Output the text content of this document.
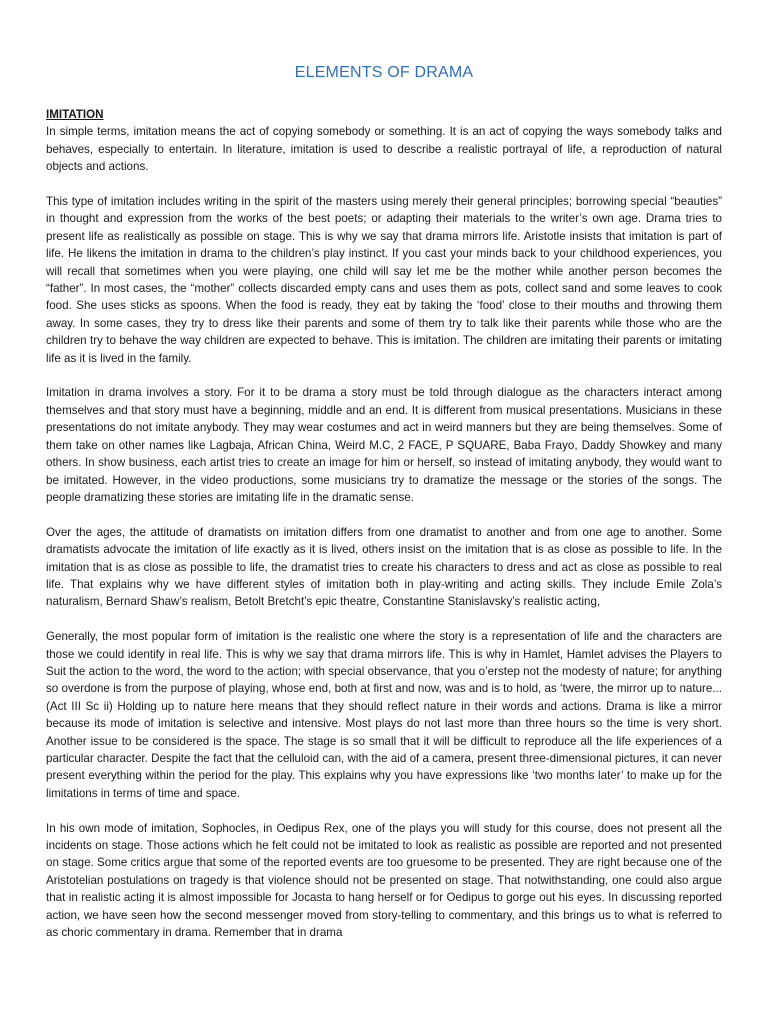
ELEMENTS OF DRAMA
IMITATION

In simple terms, imitation means the act of copying somebody or something. It is an act of copying the ways somebody talks and behaves, especially to entertain. In literature, imitation is used to describe a realistic portrayal of life, a reproduction of natural objects and actions.

This type of imitation includes writing in the spirit of the masters using merely their general principles; borrowing special “beauties” in thought and expression from the works of the best poets; or adapting their materials to the writer’s own age. Drama tries to present life as realistically as possible on stage. This is why we say that drama mirrors life. Aristotle insists that imitation is part of life. He likens the imitation in drama to the children’s play instinct. If you cast your minds back to your childhood experiences, you will recall that sometimes when you were playing, one child will say let me be the mother while another person becomes the “father”. In most cases, the “mother” collects discarded empty cans and uses them as pots, collect sand and some leaves to cook food. She uses sticks as spoons. When the food is ready, they eat by taking the ‘food’ close to their mouths and throwing them away. In some cases, they try to dress like their parents and some of them try to talk like their parents while those who are the children try to behave the way children are expected to behave. This is imitation. The children are imitating their parents or imitating life as it is lived in the family.

Imitation in drama involves a story. For it to be drama a story must be told through dialogue as the characters interact among themselves and that story must have a beginning, middle and an end. It is different from musical presentations. Musicians in these presentations do not imitate anybody. They may wear costumes and act in weird manners but they are being themselves. Some of them take on other names like Lagbaja, African China, Weird M.C, 2 FACE, P SQUARE, Baba Frayo, Daddy Showkey and many others. In show business, each artist tries to create an image for him or herself, so instead of imitating anybody, they would want to be imitated. However, in the video productions, some musicians try to dramatize the message or the stories of the songs. The people dramatizing these stories are imitating life in the dramatic sense.

Over the ages, the attitude of dramatists on imitation differs from one dramatist to another and from one age to another. Some dramatists advocate the imitation of life exactly as it is lived, others insist on the imitation that is as close as possible to life. In the imitation that is as close as possible to life, the dramatist tries to create his characters to dress and act as close as possible to real life. That explains why we have different styles of imitation both in play-writing and acting skills. They include Emile Zola’s naturalism, Bernard Shaw’s realism, Betolt Bretcht’s epic theatre, Constantine Stanislavsky’s realistic acting,

Generally, the most popular form of imitation is the realistic one where the story is a representation of life and the characters are those we could identify in real life. This is why we say that drama mirrors life. This is why in Hamlet, Hamlet advises the Players to Suit the action to the word, the word to the action; with special observance, that you o’erstep not the modesty of nature; for anything so overdone is from the purpose of playing, whose end, both at first and now, was and is to hold, as ‘twere, the mirror up to nature...(Act III Sc ii) Holding up to nature here means that they should reflect nature in their words and actions. Drama is like a mirror because its mode of imitation is selective and intensive. Most plays do not last more than three hours so the time is very short. Another issue to be considered is the space. The stage is so small that it will be difficult to reproduce all the life experiences of a particular character. Despite the fact that the celluloid can, with the aid of a camera, present three-dimensional pictures, it can never present everything within the period for the play. This explains why you have expressions like ‘two months later’ to make up for the limitations in terms of time and space.

In his own mode of imitation, Sophocles, in Oedipus Rex, one of the plays you will study for this course, does not present all the incidents on stage. Those actions which he felt could not be imitated to look as realistic as possible are reported and not presented on stage. Some critics argue that some of the reported events are too gruesome to be presented. They are right because one of the Aristotelian postulations on tragedy is that violence should not be presented on stage. That notwithstanding, one could also argue that in realistic acting it is almost impossible for Jocasta to hang herself or for Oedipus to gorge out his eyes. In discussing reported action, we have seen how the second messenger moved from story-telling to commentary, and this brings us to what is referred to as choric commentary in drama. Remember that in drama
